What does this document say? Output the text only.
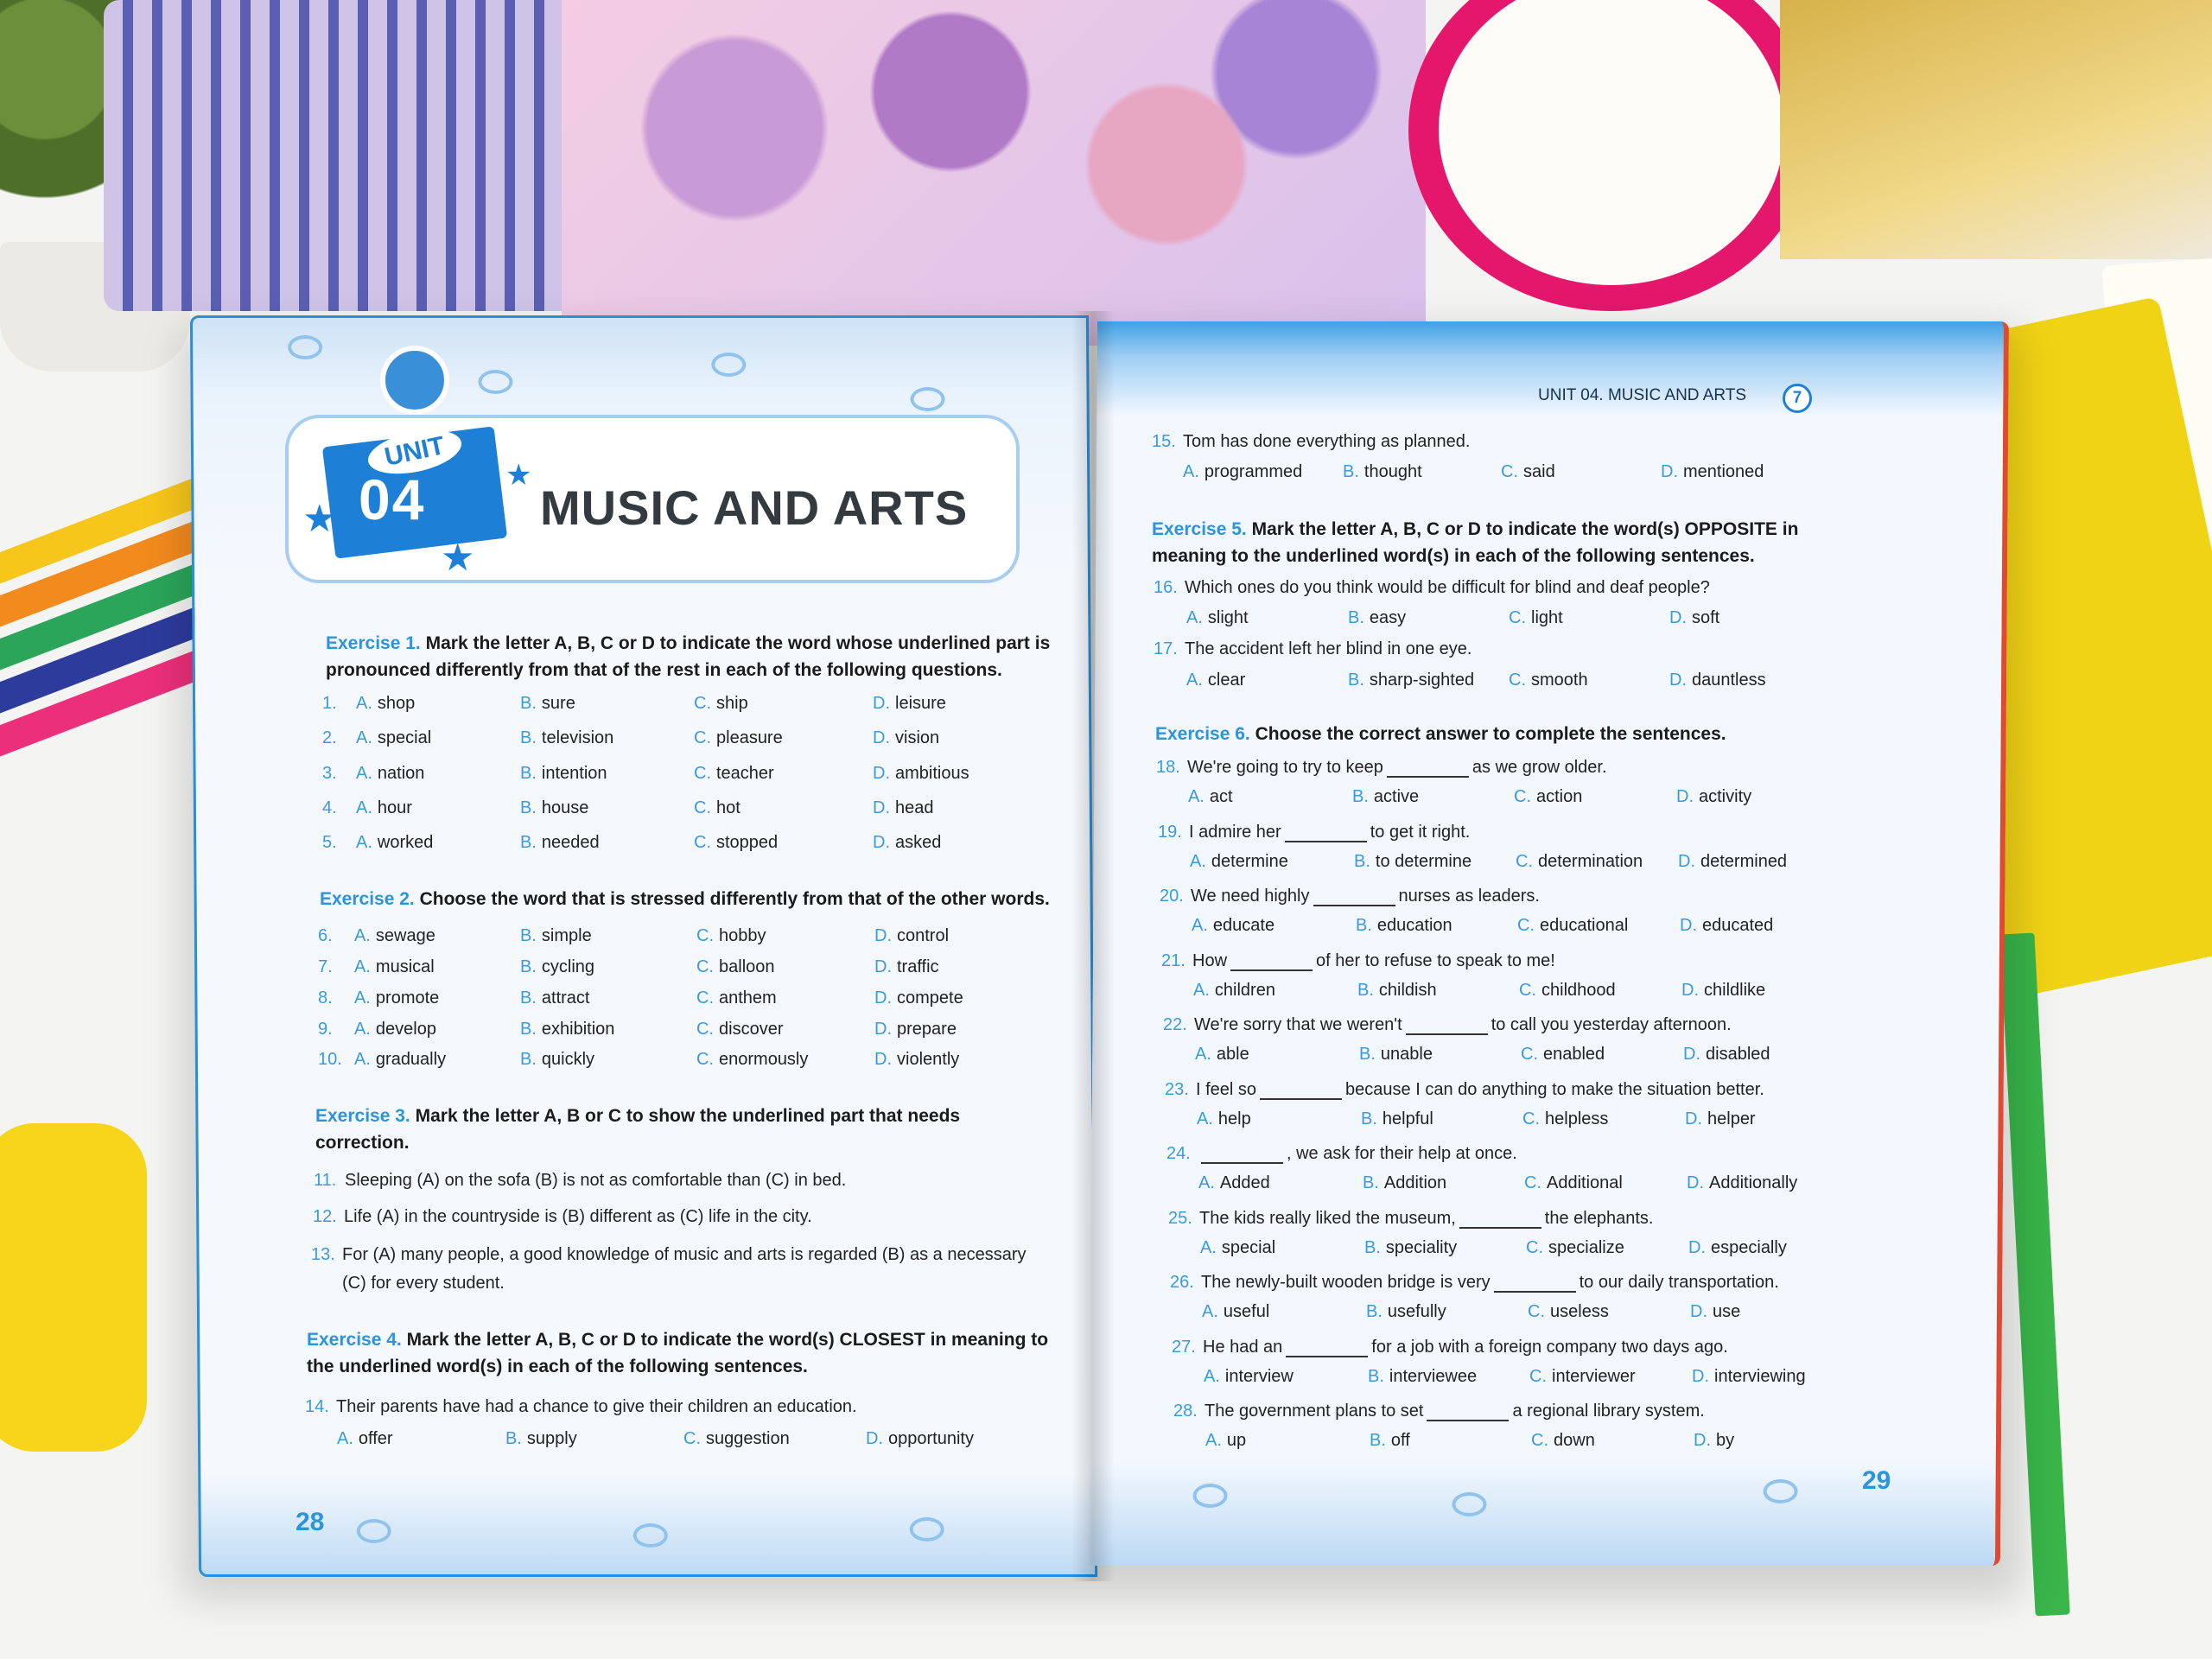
UNIT
04
★
★
★
MUSIC AND ARTS
Exercise 1. Mark the letter A, B, C or D to indicate the word whose underlined part is pronounced differently from that of the rest in each of the following questions.
1.	A. shop	B. sure	C. ship	D. leisure
2.	A. special	B. television	C. pleasure	D. vision
3.	A. nation	B. intention	C. teacher	D. ambitious
4.	A. hour	B. house	C. hot	D. head
5.	A. worked	B. needed	C. stopped	D. asked
Exercise 2. Choose the word that is stressed differently from that of the other words.
6.	A. sewage	B. simple	C. hobby	D. control
7.	A. musical	B. cycling	C. balloon	D. traffic
8.	A. promote	B. attract	C. anthem	D. compete
9.	A. develop	B. exhibition	C. discover	D. prepare
10. A. gradually	B. quickly	C. enormously	D. violently
Exercise 3. Mark the letter A, B or C to show the underlined part that needs correction.
11. Sleeping (A) on the sofa (B) is not as comfortable than (C) in bed.
12. Life (A) in the countryside is (B) different as (C) life in the city.
13. For (A) many people, a good knowledge of music and arts is regarded (B) as a necessary
(C) for every student.
Exercise 4. Mark the letter A, B, C or D to indicate the word(s) CLOSEST in meaning to the underlined word(s) in each of the following sentences.
14. Their parents have had a chance to give their children an education.
A. offer	B. supply	C. suggestion	D. opportunity
28
UNIT 04. MUSIC AND ARTS	7
15. Tom has done everything as planned.
A. programmed B. thought	C. said	D. mentioned
Exercise 5. Mark the letter A, B, C or D to indicate the word(s) OPPOSITE in meaning to the underlined word(s) in each of the following sentences.
16. Which ones do you think would be difficult for blind and deaf people?
A. slight	B. easy	C. light	D. soft
17. The accident left her blind in one eye.
A. clear	B. sharp-sighted C. smooth	D. dauntless
Exercise 6. Choose the correct answer to complete the sentences.
18. We're going to try to keep	as we grow older.
A. act	B. active	C. action	D. activity
19. I admire her	to get it right.
A. determine	B. to determine	C. determination D. determined
20. We need highly	nurses as leaders.
A. educate	B. education	C. educational	D. educated
21. How	of her to refuse to speak to me!
A. children	B. childish	C. childhood	D. childlike
22. We're sorry that we weren't	to call you yesterday afternoon.
A. able	B. unable	C. enabled	D. disabled
23. I feel so	because I can do anything to make the situation better.
A. help	B. helpful	C. helpless	D. helper
24.	, we ask for their help at once.
A. Added	B. Addition	C. Additional	D. Additionally
25. The kids really liked the museum,	the elephants.
A. special	B. speciality	C. specialize	D. especially
26. The newly-built wooden bridge is very	to our daily transportation.
A. useful	B. usefully	C. useless	D. use
27. He had an	for a job with a foreign company two days ago.
A. interview	B. interviewee	C. interviewer	D. interviewing
28. The government plans to set	a regional library system.
A. up	B. off	C. down	D. by
29
